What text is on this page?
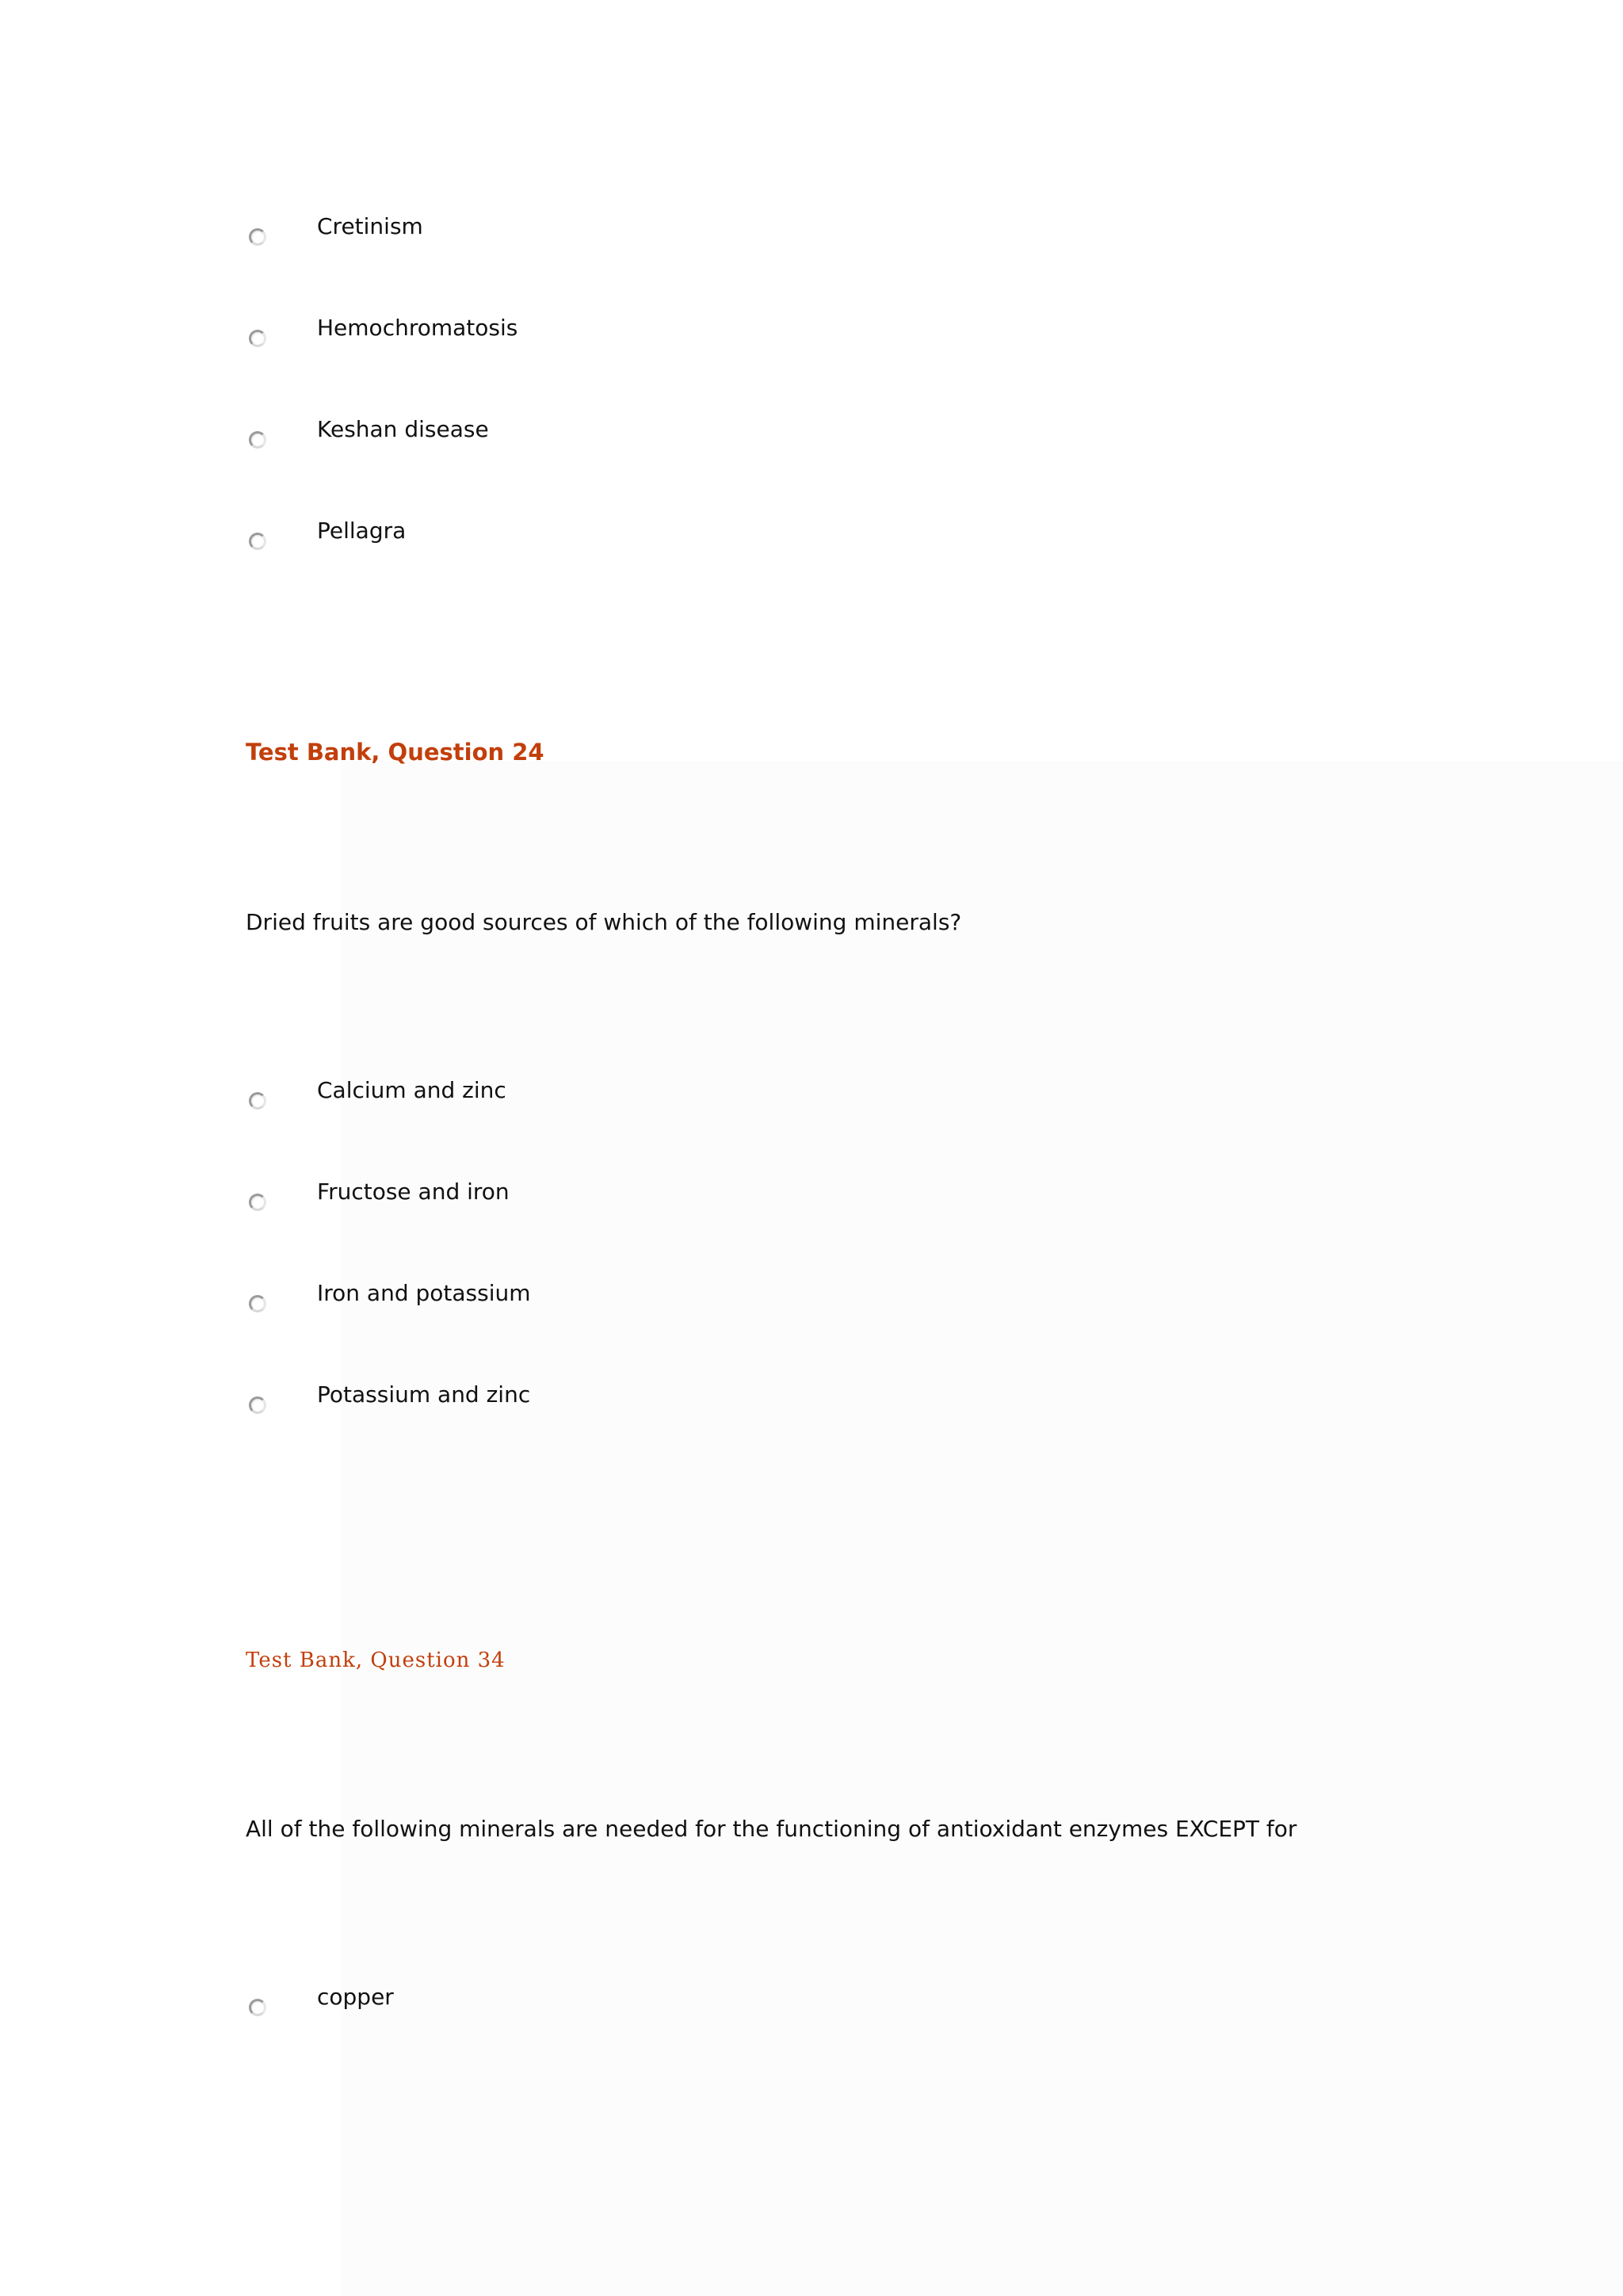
Cretinism
Hemochromatosis
Keshan disease
Pellagra
Test Bank, Question 24
Dried fruits are good sources of which of the following minerals?
Calcium and zinc
Fructose and iron
Iron and potassium
Potassium and zinc
Test Bank, Question 34
All of the following minerals are needed for the functioning of antioxidant enzymes EXCEPT for
copper
